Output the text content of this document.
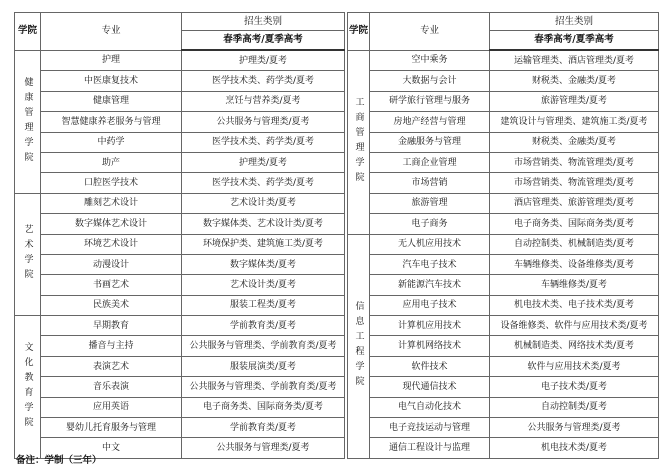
学院	专业	招生类别
		春季高考/夏季高考
健康管理学院	护理	护理类/夏考
	中医康复技术	医学技术类、药学类/夏考
	健康管理	烹饪与营养类/夏考
	智慧健康养老服务与管理	公共服务与管理类/夏考
	中药学	医学技术类、药学类/夏考
	助产	护理类/夏考
	口腔医学技术	医学技术类、药学类/夏考
艺术学院	雕刻艺术设计	艺术设计类/夏考
	数字媒体艺术设计	数字媒体类、艺术设计类/夏考
	环境艺术设计	环境保护类、建筑施工类/夏考
	动漫设计	数字媒体类/夏考
	书画艺术	艺术设计类/夏考
	民族美术	服装工程类/夏考
文化教育学院	早期教育	学前教育类/夏考
	播音与主持	公共服务与管理类、学前教育类/夏考
	表演艺术	服装展演类/夏考
	音乐表演	公共服务与管理类、学前教育类/夏考
	应用英语	电子商务类、国际商务类/夏考
	婴幼儿托育服务与管理	学前教育类/夏考
	中文	公共服务与管理类/夏考
学院	专业	招生类别
		春季高考/夏季高考
工商管理学院	空中乘务	运输管理类、酒店管理类/夏考
	大数据与会计	财税类、金融类/夏考
	研学旅行管理与服务	旅游管理类/夏考
	房地产经营与管理	建筑设计与管理类、建筑施工类/夏考
	金融服务与管理	财税类、金融类/夏考
	工商企业管理	市场营销类、物流管理类/夏考
	市场营销	市场营销类、物流管理类/夏考
	旅游管理	酒店管理类、旅游管理类/夏考
	电子商务	电子商务类、国际商务类/夏考
信息工程学院	无人机应用技术	自动控制类、机械制造类/夏考
	汽车电子技术	车辆维修类、设备维修类/夏考
	新能源汽车技术	车辆维修类/夏考
	应用电子技术	机电技术类、电子技术类/夏考
	计算机应用技术	设备维修类、软件与应用技术类/夏考
	计算机网络技术	机械制造类、网络技术类/夏考
	软件技术	软件与应用技术类/夏考
	现代通信技术	电子技术类/夏考
	电气自动化技术	自动控制类/夏考
	电子竞技运动与管理	公共服务与管理类/夏考
	通信工程设计与监理	机电技术类/夏考
备注：学制（三年）
